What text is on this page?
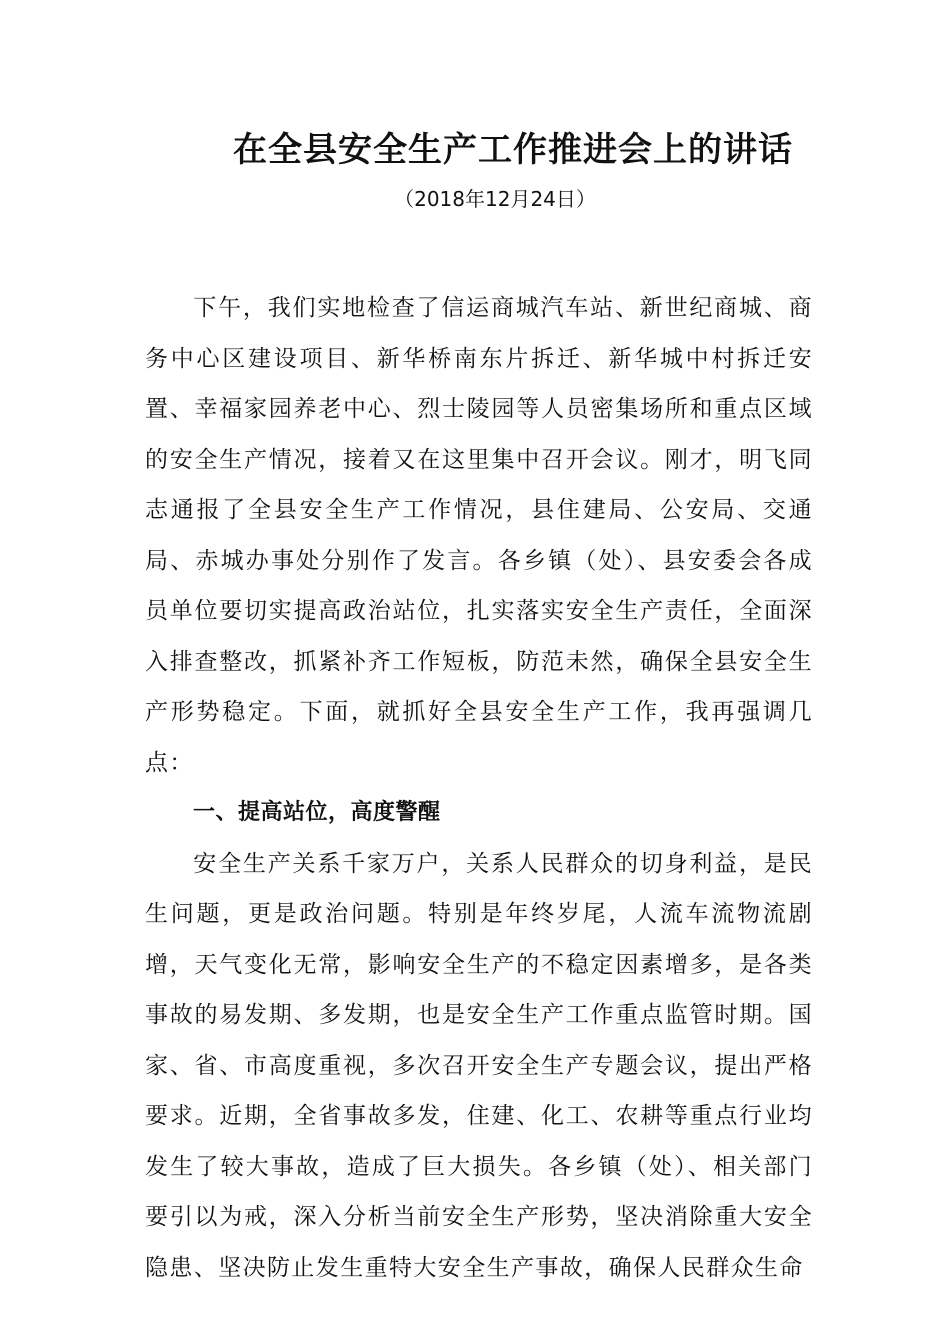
在全县安全生产工作推进会上的讲话
（2018年12月24日）

下午，我们实地检查了信运商城汽车站、新世纪商城、商务中心区建设项目、新华桥南东片拆迁、新华城中村拆迁安置、幸福家园养老中心、烈士陵园等人员密集场所和重点区域的安全生产情况，接着又在这里集中召开会议。刚才，明飞同志通报了全县安全生产工作情况，县住建局、公安局、交通局、赤城办事处分别作了发言。各乡镇（处）、县安委会各成员单位要切实提高政治站位，扎实落实安全生产责任，全面深入排查整改，抓紧补齐工作短板，防范未然，确保全县安全生产形势稳定。下面，就抓好全县安全生产工作，我再强调几点：

一、提高站位，高度警醒

安全生产关系千家万户，关系人民群众的切身利益，是民生问题，更是政治问题。特别是年终岁尾，人流车流物流剧增，天气变化无常，影响安全生产的不稳定因素增多，是各类事故的易发期、多发期，也是安全生产工作重点监管时期。国家、省、市高度重视，多次召开安全生产专题会议，提出严格要求。近期，全省事故多发，住建、化工、农耕等重点行业均发生了较大事故，造成了巨大损失。各乡镇（处）、相关部门要引以为戒，深入分析当前安全生产形势，坚决消除重大安全隐患、坚决防止发生重特大安全生产事故，确保人民群众生命
